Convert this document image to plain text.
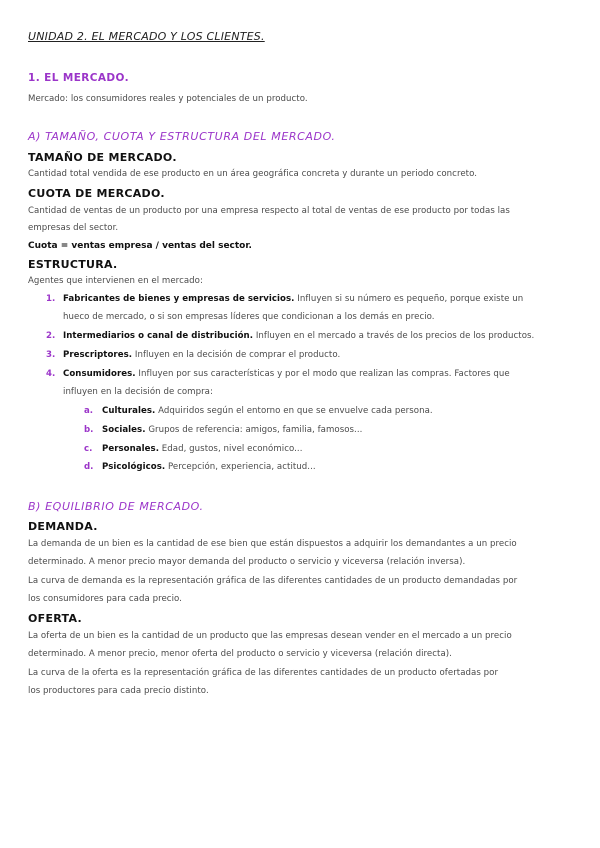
UNIDAD 2. EL MERCADO Y LOS CLIENTES.
1. EL MERCADO.
Mercado: los consumidores reales y potenciales de un producto.
A) TAMAÑO, CUOTA Y ESTRUCTURA DEL MERCADO.
TAMAÑO DE MERCADO.
Cantidad total vendida de ese producto en un área geográfica concreta y durante un periodo concreto.
CUOTA DE MERCADO.
Cantidad de ventas de un producto por una empresa respecto al total de ventas de ese producto por todas las
empresas del sector.
Cuota = ventas empresa / ventas del sector.
ESTRUCTURA.
Agentes que intervienen en el mercado:
1. Fabricantes de bienes y empresas de servicios. Influyen si su número es pequeño, porque existe un
hueco de mercado, o si son empresas líderes que condicionan a los demás en precio.
2. Intermediarios o canal de distribución. Influyen en el mercado a través de los precios de los productos.
3. Prescriptores. Influyen en la decisión de comprar el producto.
4. Consumidores. Influyen por sus características y por el modo que realizan las compras. Factores que
influyen en la decisión de compra:
a. Culturales. Adquiridos según el entorno en que se envuelve cada persona.
b. Sociales. Grupos de referencia: amigos, familia, famosos...
c. Personales. Edad, gustos, nivel económico...
d. Psicológicos. Percepción, experiencia, actitud...
B) EQUILIBRIO DE MERCADO.
DEMANDA.
La demanda de un bien es la cantidad de ese bien que están dispuestos a adquirir los demandantes a un precio
determinado. A menor precio mayor demanda del producto o servicio y viceversa (relación inversa).
La curva de demanda es la representación gráfica de las diferentes cantidades de un producto demandadas por
los consumidores para cada precio.
OFERTA.
La oferta de un bien es la cantidad de un producto que las empresas desean vender en el mercado a un precio
determinado. A menor precio, menor oferta del producto o servicio y viceversa (relación directa).
La curva de la oferta es la representación gráfica de las diferentes cantidades de un producto ofertadas por
los productores para cada precio distinto.
